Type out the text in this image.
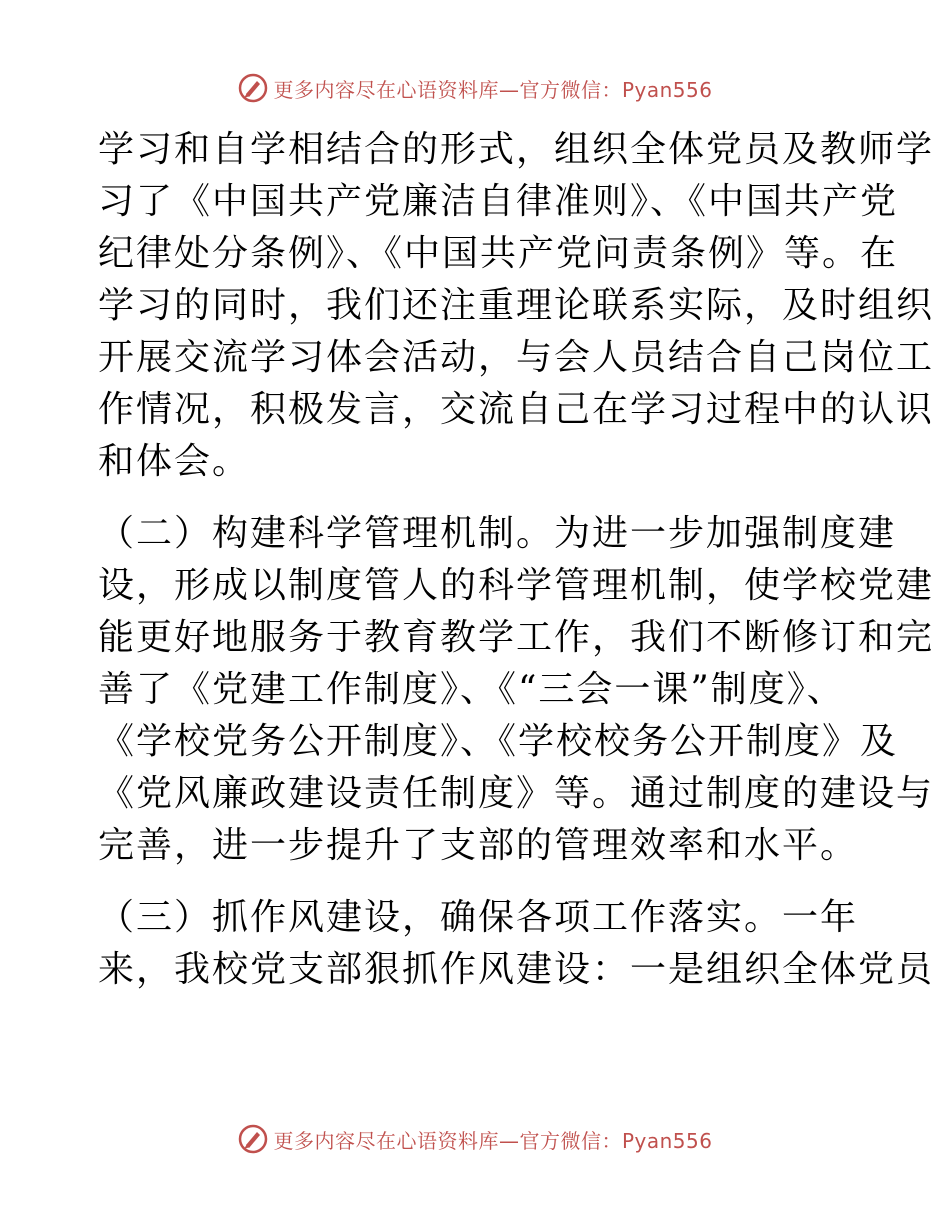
更多内容尽在心语资料库—官方微信：Pyan556
学习和自学相结合的形式，组织全体党员及教师学
习了《中国共产党廉洁自律准则》、《中国共产党
纪律处分条例》、《中国共产党问责条例》等。在
学习的同时，我们还注重理论联系实际，及时组织
开展交流学习体会活动，与会人员结合自己岗位工
作情况，积极发言，交流自己在学习过程中的认识
和体会。
（二）构建科学管理机制。为进一步加强制度建
设，形成以制度管人的科学管理机制，使学校党建
能更好地服务于教育教学工作，我们不断修订和完
善了《党建工作制度》、《“三会一课”制度》、
《学校党务公开制度》、《学校校务公开制度》及
《党风廉政建设责任制度》等。通过制度的建设与
完善，进一步提升了支部的管理效率和水平。
（三）抓作风建设，确保各项工作落实。一年
来，我校党支部狠抓作风建设：一是组织全体党员
更多内容尽在心语资料库—官方微信：Pyan556
